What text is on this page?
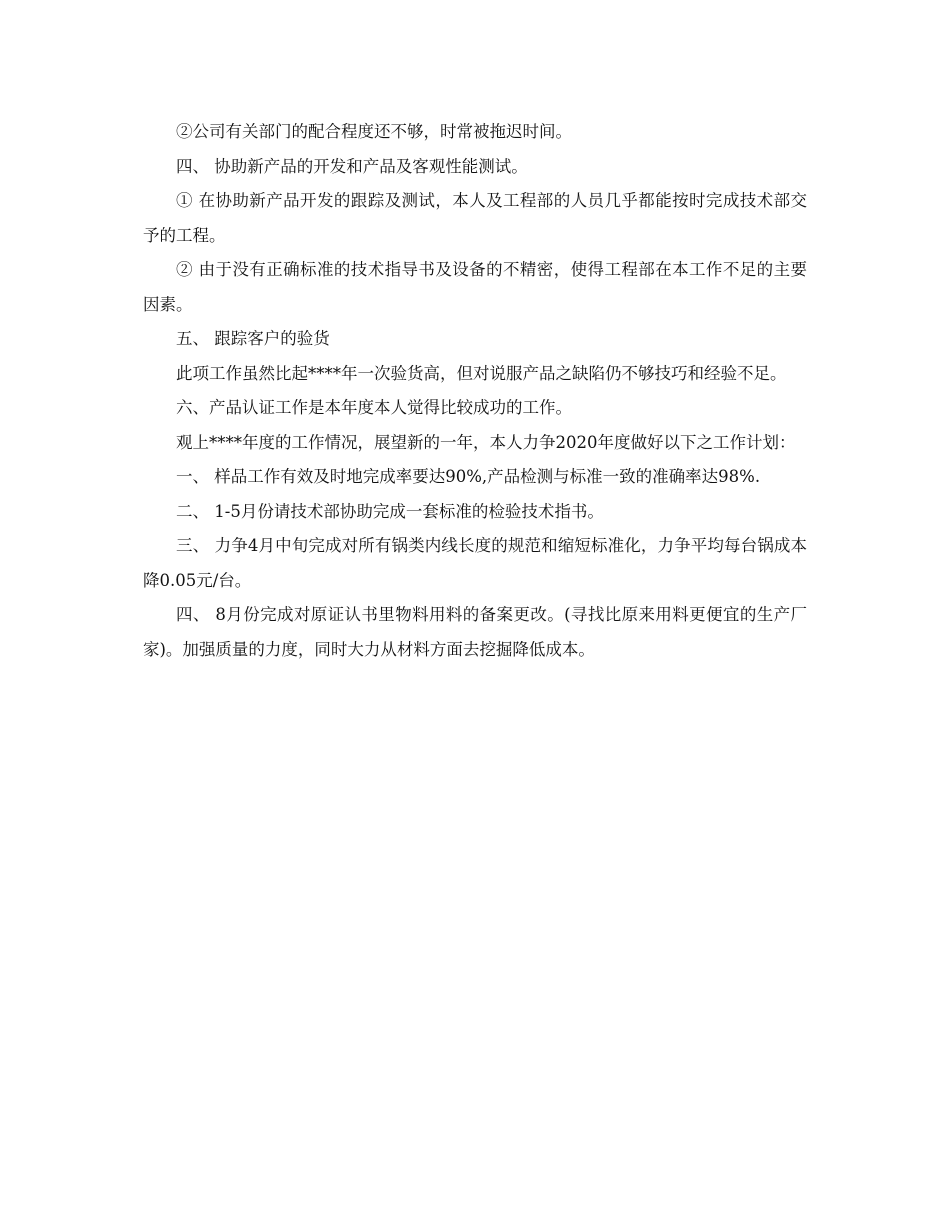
②公司有关部门的配合程度还不够，时常被拖迟时间。

四、 协助新产品的开发和产品及客观性能测试。

① 在协助新产品开发的跟踪及测试，本人及工程部的人员几乎都能按时完成技术部交予的工程。

② 由于没有正确标准的技术指导书及设备的不精密，使得工程部在本工作不足的主要因素。

五、 跟踪客户的验货

此项工作虽然比起****年一次验货高，但对说服产品之缺陷仍不够技巧和经验不足。

六、产品认证工作是本年度本人觉得比较成功的工作。

观上****年度的工作情况，展望新的一年，本人力争2020年度做好以下之工作计划：

一、 样品工作有效及时地完成率要达90%,产品检测与标准一致的准确率达98%.

二、 1-5月份请技术部协助完成一套标准的检验技术指书。

三、 力争4月中旬完成对所有锅类内线长度的规范和缩短标准化，力争平均每台锅成本降0.05元/台。

四、 8月份完成对原证认书里物料用料的备案更改。(寻找比原来用料更便宜的生产厂家)。加强质量的力度，同时大力从材料方面去挖掘降低成本。
